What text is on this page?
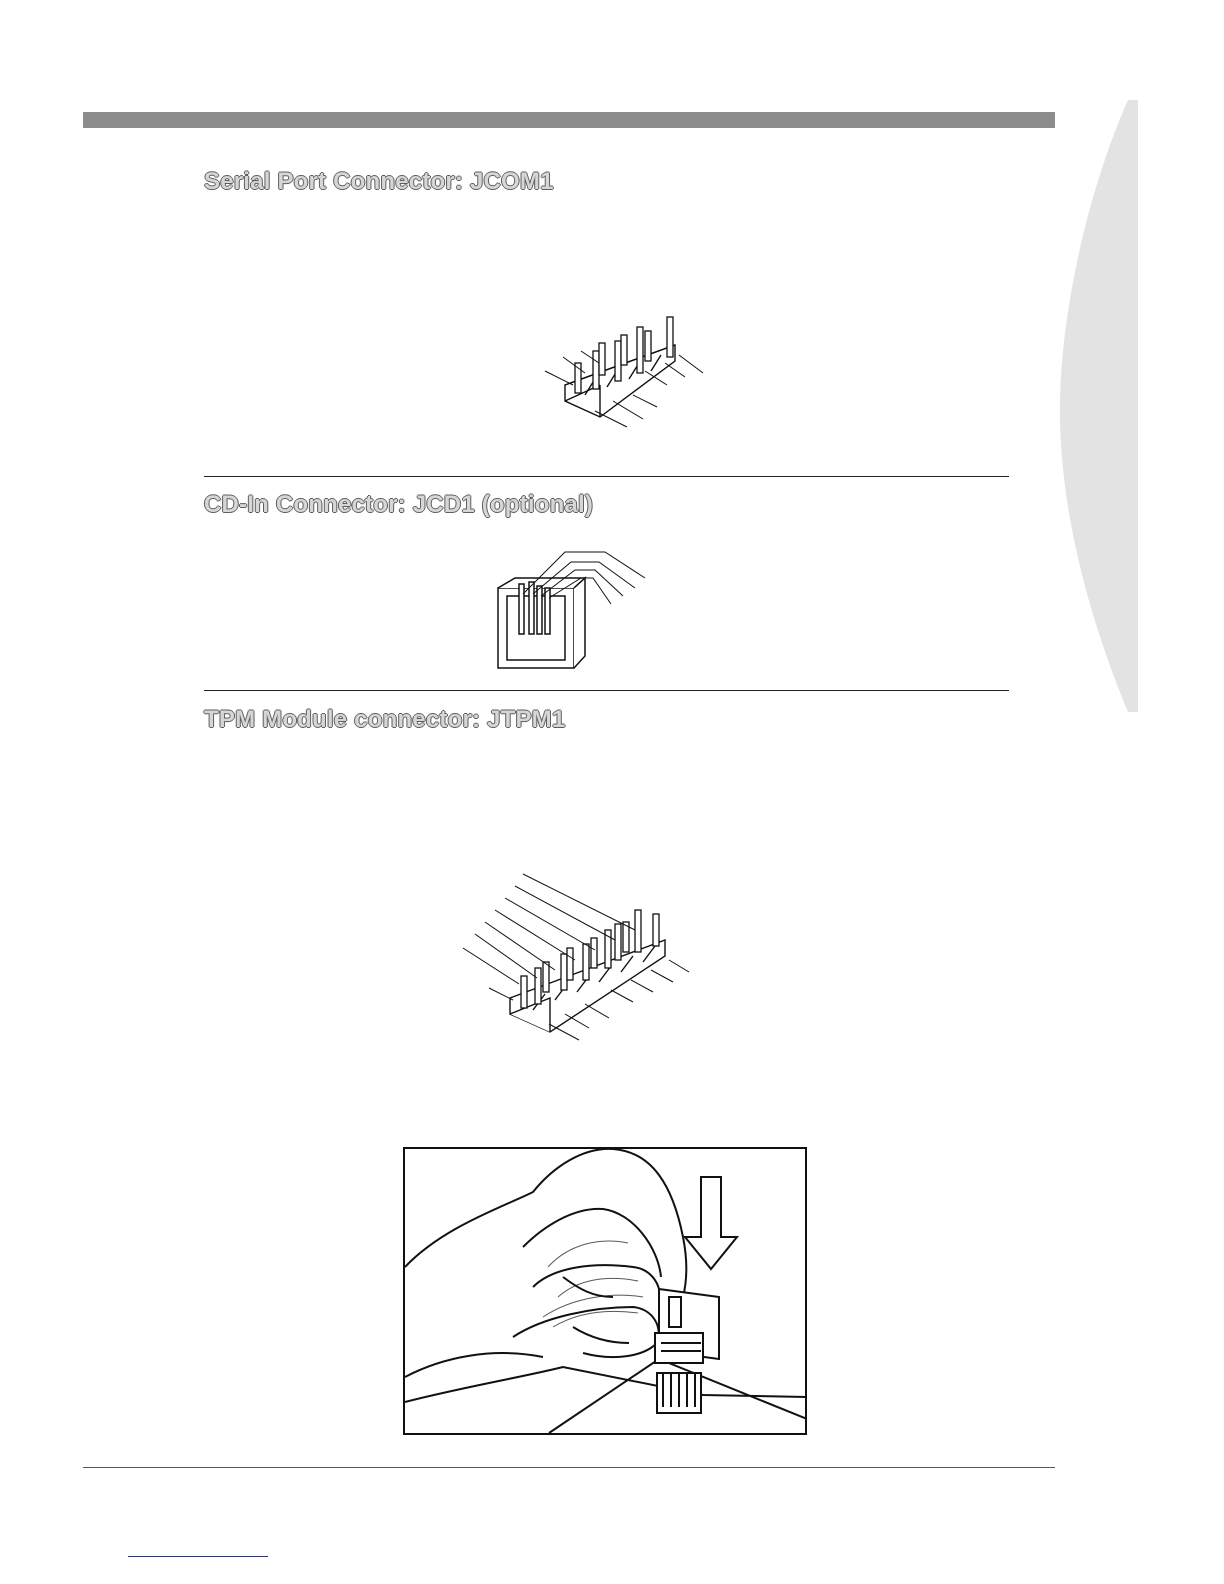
Serial Port Connector: JCOM1
CD-In Connector: JCD1 (optional)
TPM Module connector: JTPM1
